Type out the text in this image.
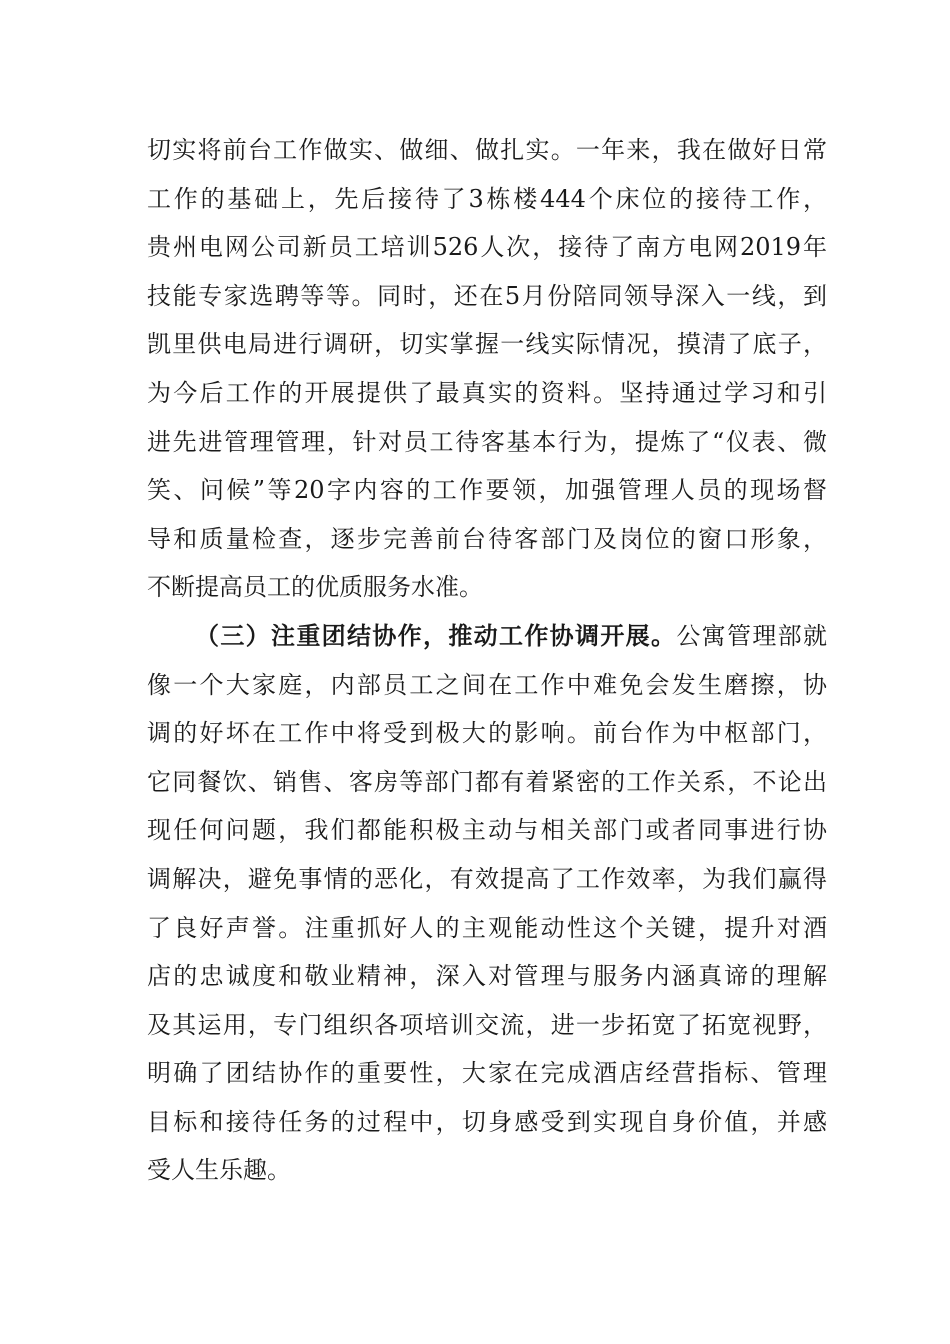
切实将前台工作做实、做细、做扎实。一年来，我在做好日常
工作的基础上，先后接待了3栋楼444个床位的接待工作，
贵州电网公司新员工培训526人次，接待了南方电网2019年
技能专家选聘等等。同时，还在5月份陪同领导深入一线，到
凯里供电局进行调研，切实掌握一线实际情况，摸清了底子，
为今后工作的开展提供了最真实的资料。坚持通过学习和引
进先进管理管理，针对员工待客基本行为，提炼了“仪表、微
笑、问候”等20字内容的工作要领，加强管理人员的现场督
导和质量检查，逐步完善前台待客部门及岗位的窗口形象，
不断提高员工的优质服务水准。
（三）注重团结协作，推动工作协调开展。公寓管理部就
像一个大家庭，内部员工之间在工作中难免会发生磨擦，协
调的好坏在工作中将受到极大的影响。前台作为中枢部门，
它同餐饮、销售、客房等部门都有着紧密的工作关系，不论出
现任何问题，我们都能积极主动与相关部门或者同事进行协
调解决，避免事情的恶化，有效提高了工作效率，为我们赢得
了良好声誉。注重抓好人的主观能动性这个关键，提升对酒
店的忠诚度和敬业精神，深入对管理与服务内涵真谛的理解
及其运用，专门组织各项培训交流，进一步拓宽了拓宽视野，
明确了团结协作的重要性，大家在完成酒店经营指标、管理
目标和接待任务的过程中，切身感受到实现自身价值，并感
受人生乐趣。
